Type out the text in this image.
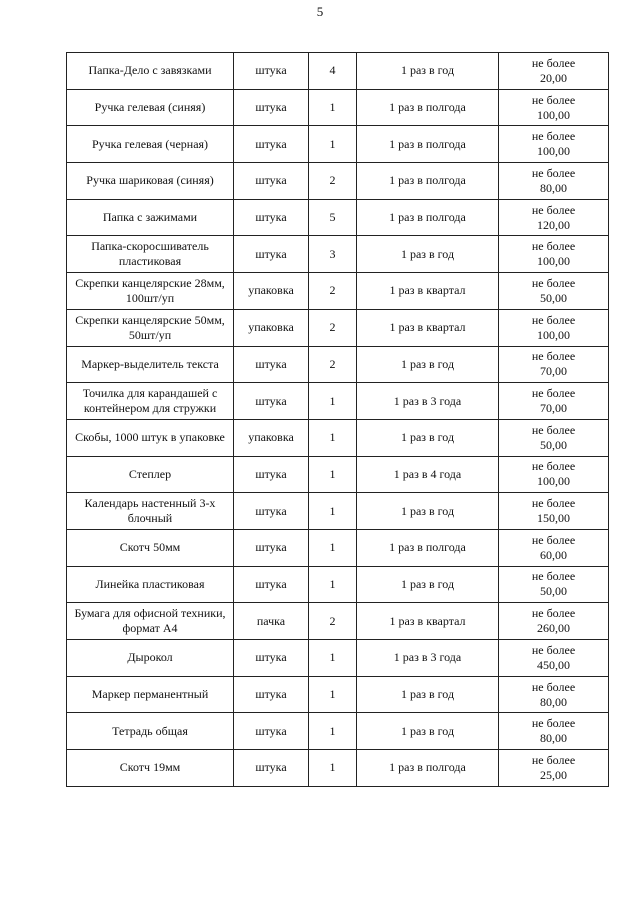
5
Папка-Дело с завязками	штука	4	1 раз в год	не более
20,00

Ручка гелевая (синяя)	штука	1	1 раз в полгода	не более
100,00

Ручка гелевая (черная)	штука	1	1 раз в полгода	не более
100,00

Ручка шариковая (синяя)	штука	2	1 раз в полгода	не более
80,00

Папка с зажимами	штука	5	1 раз в полгода	не более
120,00

Папка-скоросшиватель пластиковая	штука	3	1 раз в год	не более
100,00

Скрепки канцелярские 28мм, 100шт/уп	упаковка	2	1 раз в квартал	не более
50,00

Скрепки канцелярские 50мм, 50шт/уп	упаковка	2	1 раз в квартал	не более
100,00

Маркер-выделитель текста	штука	2	1 раз в год	не более
70,00

Точилка для карандашей с контейнером для стружки	штука	1	1 раз в 3 года	не более
70,00

Скобы, 1000 штук в упаковке	упаковка	1	1 раз в год	не более
50,00

Степлер	штука	1	1 раз в 4 года	не более
100,00

Календарь настенный 3-х блочный	штука	1	1 раз в год	не более
150,00

Скотч 50мм	штука	1	1 раз в полгода	не более
60,00

Линейка пластиковая	штука	1	1 раз в год	не более
50,00

Бумага для офисной техники, формат А4	пачка	2	1 раз в квартал	не более
260,00

Дырокол	штука	1	1 раз в 3 года	не более
450,00

Маркер перманентный	штука	1	1 раз в год	не более
80,00

Тетрадь общая	штука	1	1 раз в год	не более
80,00

Скотч 19мм	штука	1	1 раз в полгода	не более
25,00
